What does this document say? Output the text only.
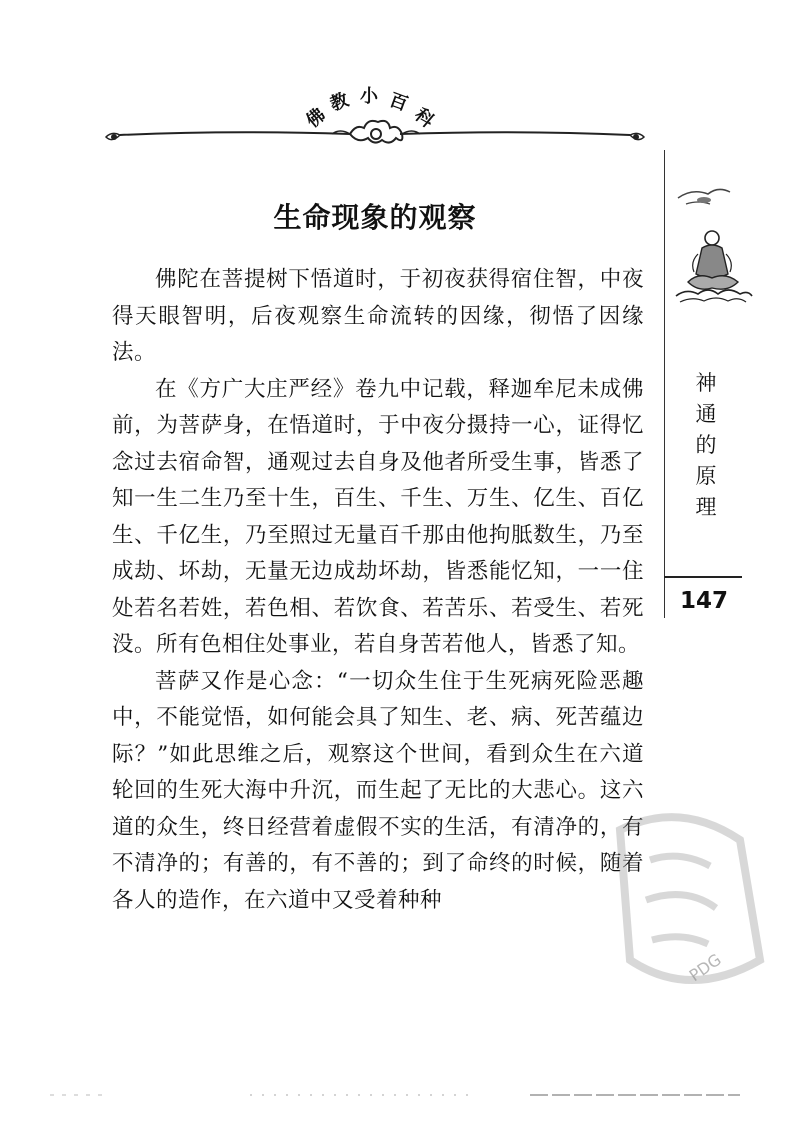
佛
教 小 百
科
生命现象的观察

佛陀在菩提树下悟道时，于初夜获得宿住智，中夜得天眼智明，后夜观察生命流转的因缘，彻悟了因缘法。

在《方广大庄严经》卷九中记载，释迦牟尼未成佛前，为菩萨身，在悟道时，于中夜分摄持一心，证得忆念过去宿命智，通观过去自身及他者所受生事，皆悉了知一生二生乃至十生，百生、千生、万生、亿生、百亿生、千亿生，乃至照过无量百千那由他拘胝数生，乃至成劫、坏劫，无量无边成劫坏劫，皆悉能忆知，一一住处若名若姓，若色相、若饮食、若苦乐、若受生、若死没。所有色相住处事业，若自身苦若他人，皆悉了知。

菩萨又作是心念：“一切众生住于生死病死险恶趣中，不能觉悟，如何能会具了知生、老、病、死苦蕴边际？”如此思维之后，观察这个世间，看到众生在六道轮回的生死大海中升沉，而生起了无比的大悲心。这六道的众生，终日经营着虚假不实的生活，有清净的，有不清净的；有善的，有不善的；到了命终的时候，随着各人的造作，在六道中又受着种种

神
通
的
原
理
147
PDG
